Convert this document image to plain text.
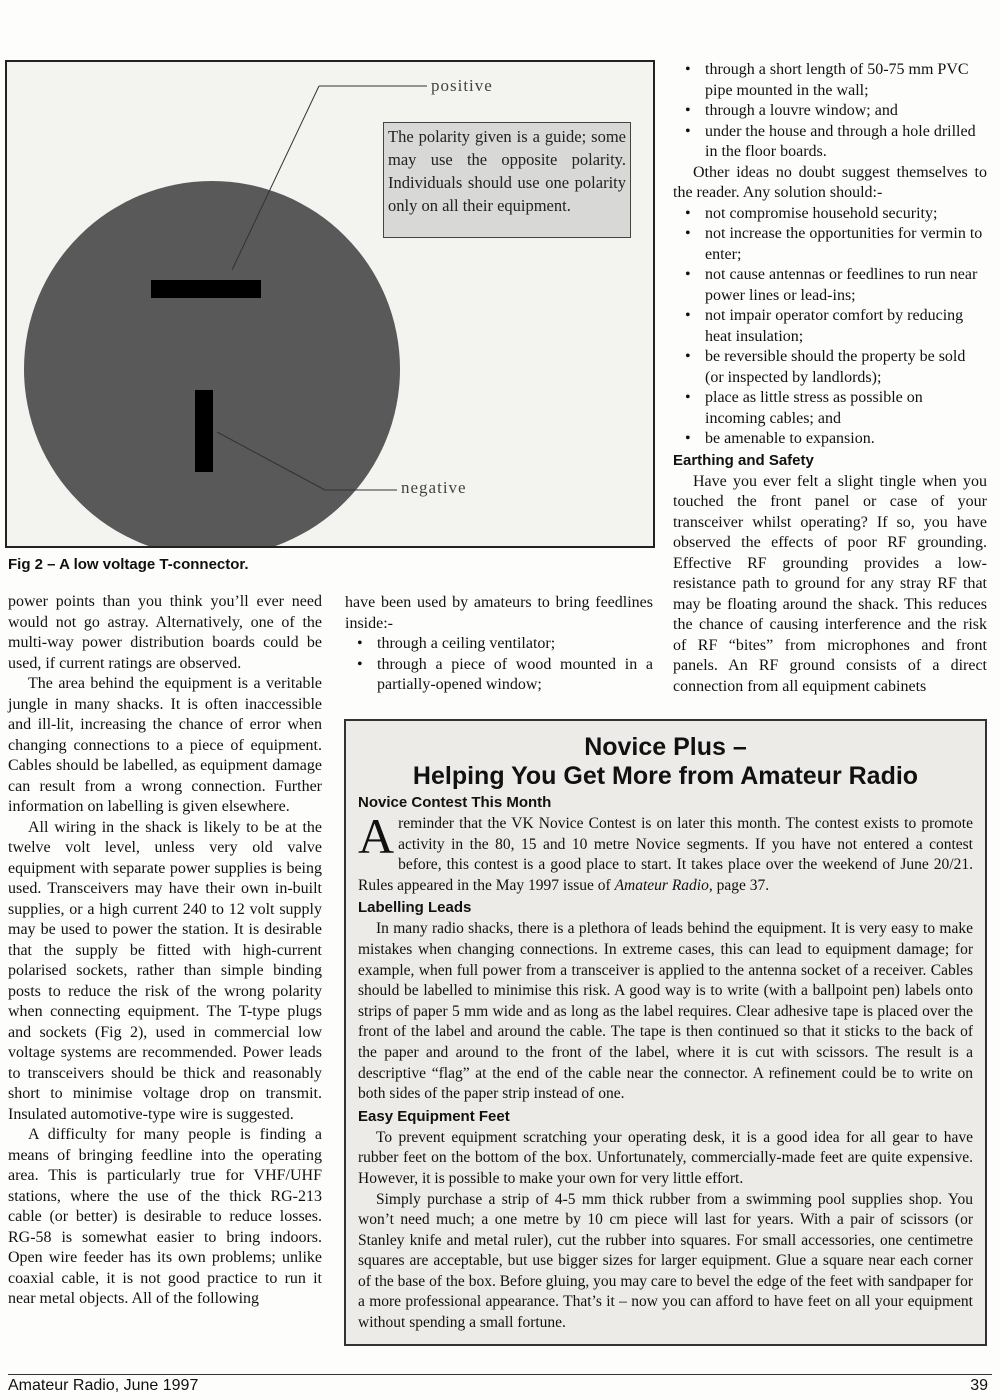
positive
negative
The polarity given is a guide; some may use the opposite polarity. Individuals should use one polarity only on all their equipment.
Fig 2 – A low voltage T-connector.

power points than you think you’ll ever need would not go astray. Alternatively, one of the multi-way power distribution boards could be used, if current ratings are observed.

The area behind the equipment is a veritable jungle in many shacks. It is often inaccessible and ill-lit, increasing the chance of error when changing connections to a piece of equipment. Cables should be labelled, as equipment damage can result from a wrong connection. Further information on labelling is given elsewhere.

All wiring in the shack is likely to be at the twelve volt level, unless very old valve equipment with separate power supplies is being used. Transceivers may have their own in-built supplies, or a high current 240 to 12 volt supply may be used to power the station. It is desirable that the supply be fitted with high-current polarised sockets, rather than simple binding posts to reduce the risk of the wrong polarity when connecting equipment. The T-type plugs and sockets (Fig 2), used in commercial low voltage systems are recommended. Power leads to transceivers should be thick and reasonably short to minimise voltage drop on transmit. Insulated automotive-type wire is suggested.

A difficulty for many people is finding a means of bringing feedline into the operating area. This is particularly true for VHF/UHF stations, where the use of the thick RG-213 cable (or better) is desirable to reduce losses. RG-58 is somewhat easier to bring indoors. Open wire feeder has its own problems; unlike coaxial cable, it is not good practice to run it near metal objects. All of the following

have been used by amateurs to bring feedlines inside:-

• through a ceiling ventilator;
• through a piece of wood mounted in a partially-opened window;
• through a short length of 50-75 mm PVC pipe mounted in the wall;
• through a louvre window; and
• under the house and through a hole drilled in the floor boards.

Other ideas no doubt suggest themselves to the reader. Any solution should:-

• not compromise household security;
• not increase the opportunities for vermin to enter;
• not cause antennas or feedlines to run near power lines or lead-ins;
• not impair operator comfort by reducing heat insulation;
• be reversible should the property be sold (or inspected by landlords);
• place as little stress as possible on incoming cables; and
• be amenable to expansion.
Earthing and Safety

Have you ever felt a slight tingle when you touched the front panel or case of your transceiver whilst operating? If so, you have observed the effects of poor RF grounding. Effective RF grounding provides a low-resistance path to ground for any stray RF that may be floating around the shack. This reduces the chance of causing interference and the risk of RF “bites” from microphones and front panels. An RF ground consists of a direct connection from all equipment cabinets

Novice Plus –
Helping You Get More from Amateur Radio
Novice Contest This Month

Areminder that the VK Novice Contest is on later this month. The contest exists to promote activity in the 80, 15 and 10 metre Novice segments. If you have not entered a contest before, this contest is a good place to start. It takes place over the weekend of June 20/21. Rules appeared in the May 1997 issue of Amateur Radio, page 37.

Labelling Leads

In many radio shacks, there is a plethora of leads behind the equipment. It is very easy to make mistakes when changing connections. In extreme cases, this can lead to equipment damage; for example, when full power from a transceiver is applied to the antenna socket of a receiver. Cables should be labelled to minimise this risk. A good way is to write (with a ballpoint pen) labels onto strips of paper 5 mm wide and as long as the label requires. Clear adhesive tape is placed over the front of the label and around the cable. The tape is then continued so that it sticks to the back of the paper and around to the front of the label, where it is cut with scissors. The result is a descriptive “flag” at the end of the cable near the connector. A refinement could be to write on both sides of the paper strip instead of one.

Easy Equipment Feet

To prevent equipment scratching your operating desk, it is a good idea for all gear to have rubber feet on the bottom of the box. Unfortunately, commercially-made feet are quite expensive. However, it is possible to make your own for very little effort.

Simply purchase a strip of 4-5 mm thick rubber from a swimming pool supplies shop. You won’t need much; a one metre by 10 cm piece will last for years. With a pair of scissors (or Stanley knife and metal ruler), cut the rubber into squares. For small accessories, one centimetre squares are acceptable, but use bigger sizes for larger equipment. Glue a square near each corner of the base of the box. Before gluing, you may care to bevel the edge of the feet with sandpaper for a more professional appearance. That’s it – now you can afford to have feet on all your equipment without spending a small fortune.

Amateur Radio, June 1997	39
